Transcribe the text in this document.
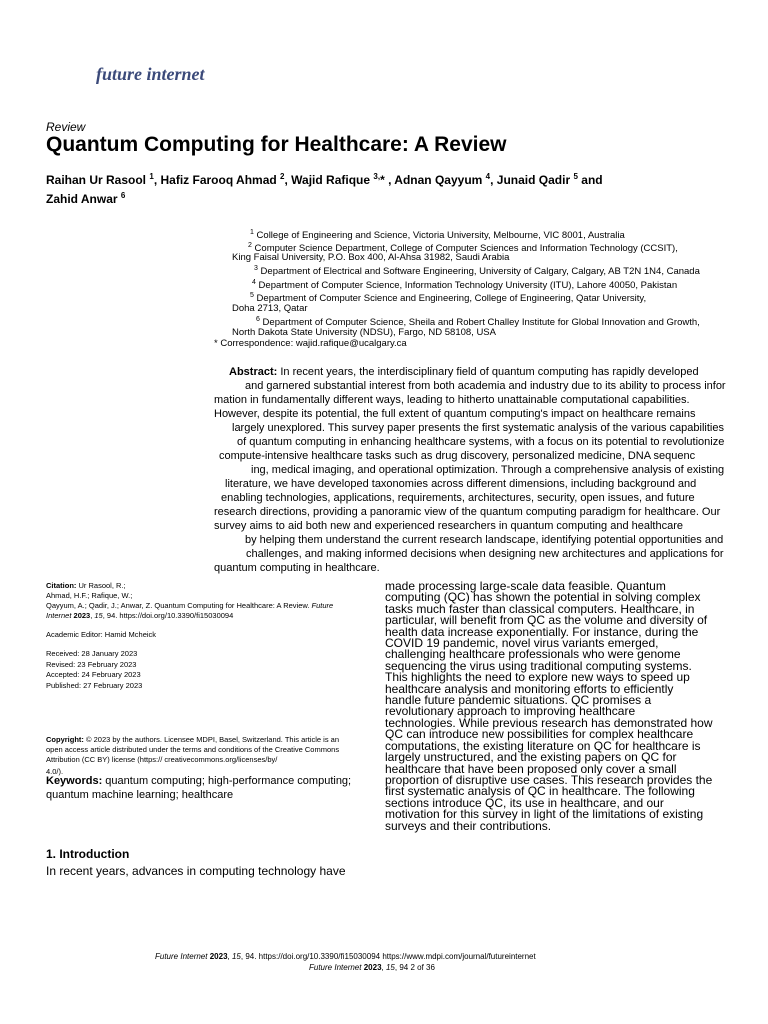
future internet
Review
Quantum Computing for Healthcare: A Review
Raihan Ur Rasool $^1$, Hafiz Farooq Ahmad $^2$, Wajid Rafique $^{3,}$* , Adnan Qayyum $^4$, Junaid Qadir $^5$ and
Zahid Anwar $^6$
$^1$ College of Engineering and Science, Victoria University, Melbourne, VIC 8001, Australia
$^2$ Computer Science Department, College of Computer Sciences and Information Technology (CCSIT),
King Faisal University, P.O. Box 400, Al-Ahsa 31982, Saudi Arabia
$^3$ Department of Electrical and Software Engineering, University of Calgary, Calgary, AB T2N 1N4, Canada
$^4$ Department of Computer Science, Information Technology University (ITU), Lahore 40050, Pakistan
$^5$ Department of Computer Science and Engineering, College of Engineering, Qatar University,
Doha 2713, Qatar
$^6$ Department of Computer Science, Sheila and Robert Challey Institute for Global Innovation and Growth,
North Dakota State University (NDSU), Fargo, ND 58108, USA
* Correspondence: wajid.rafique@ucalgary.ca
Abstract: In recent years, the interdisciplinary field of quantum computing has rapidly developed
and garnered substantial interest from both academia and industry due to its ability to process infor
mation in fundamentally different ways, leading to hitherto unattainable computational capabilities.
However, despite its potential, the full extent of quantum computing's impact on healthcare remains
largely unexplored. This survey paper presents the first systematic analysis of the various capabilities
of quantum computing in enhancing healthcare systems, with a focus on its potential to revolutionize
compute-intensive healthcare tasks such as drug discovery, personalized medicine, DNA sequenc
ing, medical imaging, and operational optimization. Through a comprehensive analysis of existing
literature, we have developed taxonomies across different dimensions, including background and
enabling technologies, applications, requirements, architectures, security, open issues, and future
research directions, providing a panoramic view of the quantum computing paradigm for healthcare. Our
survey aims to aid both new and experienced researchers in quantum computing and healthcare
by helping them understand the current research landscape, identifying potential opportunities and
challenges, and making informed decisions when designing new architectures and applications for
quantum computing in healthcare.
Citation: Ur Rasool, R.;
Ahmad, H.F.; Rafique, W.;
Qayyum, A.; Qadir, J.; Anwar, Z. Quantum Computing for Healthcare: A Review. Future
Internet 2023, 15, 94. https://doi.org/10.3390/fi15030094
Academic Editor: Hamid Mcheick
Received: 28 January 2023
Revised: 23 February 2023
Accepted: 24 February 2023
Published: 27 February 2023
Copyright: © 2023 by the authors. Licensee MDPI, Basel, Switzerland. This article is an
open access article distributed under the terms and conditions of the Creative Commons
Attribution (CC BY) license (https:// creativecommons.org/licenses/by/
4.0/).
Keywords: quantum computing; high-performance computing;
quantum machine learning; healthcare
1. Introduction
In recent years, advances in computing technology have
made processing large-scale data feasible. Quantum
computing (QC) has shown the potential in solving complex
tasks much faster than classical computers. Healthcare, in
particular, will benefit from QC as the volume and diversity of
health data increase exponentially. For instance, during the
COVID 19 pandemic, novel virus variants emerged,
challenging healthcare professionals who were genome
sequencing the virus using traditional computing systems.
This highlights the need to explore new ways to speed up
healthcare analysis and monitoring efforts to efficiently
handle future pandemic situations. QC promises a
revolutionary approach to improving healthcare
technologies. While previous research has demonstrated how
QC can introduce new possibilities for complex healthcare
computations, the existing literature on QC for healthcare is
largely unstructured, and the existing papers on QC for
healthcare that have been proposed only cover a small
proportion of disruptive use cases. This research provides the
first systematic analysis of QC in healthcare. The following
sections introduce QC, its use in healthcare, and our
motivation for this survey in light of the limitations of existing
surveys and their contributions.
Future Internet 2023, 15, 94. https://doi.org/10.3390/fi15030094 https://www.mdpi.com/journal/futureinternet
Future Internet 2023, 15, 94 2 of 36
